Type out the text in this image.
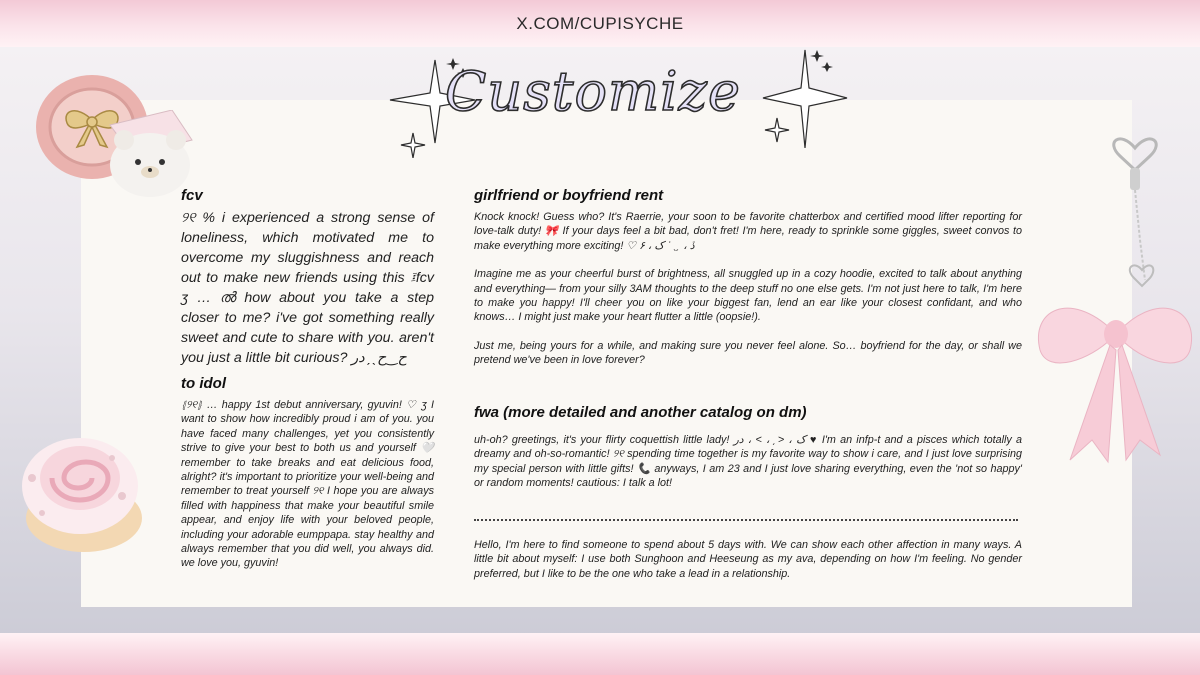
X.COM/CUPISYCHE
Customize
fcv
୨୧ % i experienced a strong sense of loneliness, which motivated me to overcome my sluggishness and reach out to make new friends using this ፤fcv ʒ … ൽ how about you take a step closer to me? i've got something really sweet and cute to share with you. aren't you just a little bit curious? ح‿حˎ ̗ در
to idol
⦃୨୧⦄ … happy 1st debut anniversary, gyuvin! ♡ ʒ I want to show how incredibly proud i am of you. you have faced many challenges, yet you consistently strive to give your best to both us and yourself 🤍 remember to take breaks and eat delicious food, alright? it's important to prioritize your well-being and remember to treat yourself ୨୧ I hope you are always filled with happiness that make your beautiful smile appear, and enjoy life with your beloved people, including your adorable eumppapa. stay healthy and always remember that you did well, you always did. we love you, gyuvin!
girlfriend or boyfriend rent

Knock knock! Guess who? It's Raerrie, your soon to be favorite chatterbox and certified mood lifter reporting for love-talk duty! 🎀 If your days feel a bit bad, don't fret! I'm here, ready to sprinkle some giggles, sweet convos to make everything more exciting! ♡ ک ، ۶ ʾ ˎ ̗ ، ڏ

Imagine me as your cheerful burst of brightness, all snuggled up in a cozy hoodie, excited to talk about anything and everything— from your silly 3AM thoughts to the deep stuff no one else gets. I'm not just here to talk, I'm here to make you happy! I'll cheer you on like your biggest fan, lend an ear like your closest confidant, and who knows… I might just make your heart flutter a little (oopsie!).

Just me, being yours for a while, and making sure you never feel alone. So… boyfriend for the day, or shall we pretend we've been in love forever?

fwa (more detailed and another catalog on dm)
uh-oh? greetings, it's your flirty coquettish little lady! ک ، ˃ ̗ ، ˂ ، در ♥ I'm an infp-t and a pisces which totally a dreamy and oh-so-romantic! ୨୧ spending time together is my favorite way to show i care, and I just love surprising my special person with little gifts! 📞 anyways, I am 23 and I just love sharing everything, even the 'not so happy' or random moments! cautious: I talk a lot!
Hello, I'm here to find someone to spend about 5 days with. We can show each other affection in many ways. A little bit about myself: I use both Sunghoon and Heeseung as my ava, depending on how I'm feeling. No gender preferred, but I like to be the one who take a lead in a relationship.
